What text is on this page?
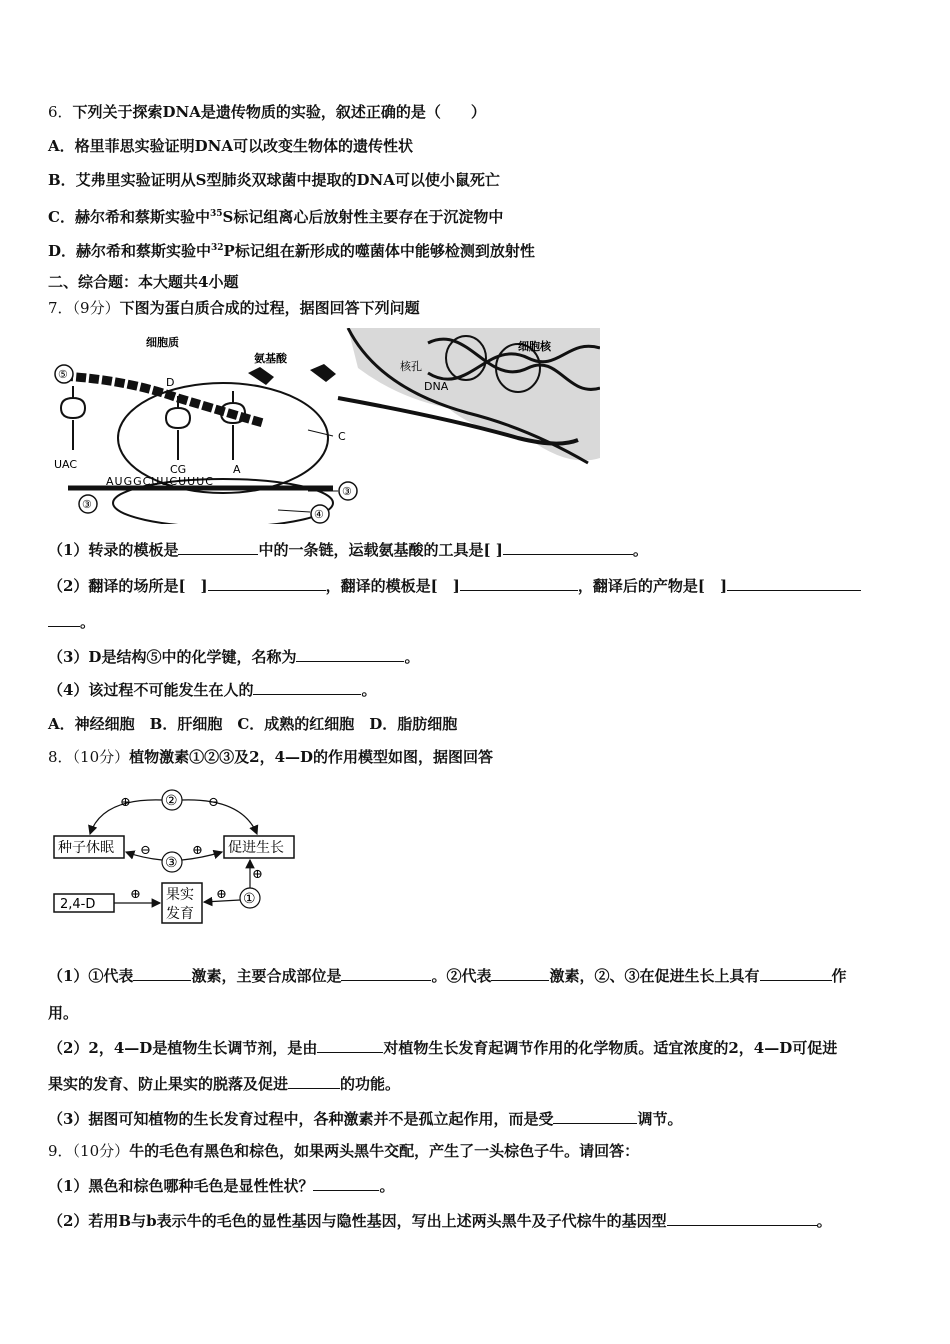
6．下列关于探索DNA是遗传物质的实验，叙述正确的是（　　）
A．格里菲思实验证明DNA可以改变生物体的遗传性状
B．艾弗里实验证明从S型肺炎双球菌中提取的DNA可以使小鼠死亡
C．赫尔希和蔡斯实验中$^{35}$S标记组离心后放射性主要存在于沉淀物中
D．赫尔希和蔡斯实验中$^{32}$P标记组在新形成的噬菌体中能够检测到放射性
二、综合题：本大题共4小题
7．（9分）下图为蛋白质合成的过程，据图回答下列问题
细胞核
核孔
DNA
细胞质
氨基酸
⑤
D
UAC	CG	A
C
AUGGCUUCUUUC
③
③
④
（1）转录的模板是	中的一条链，运载氨基酸的工具是[ ]	。
（2）翻译的场所是[　]	，翻译的模板是[　]	，翻译后的产物是[　]
。
（3）D是结构⑤中的化学键，名称为	。
（4）该过程不可能发生在人的	。
A．神经细胞　B．肝细胞　C．成熟的红细胞　D．脂肪细胞
8．（10分）植物激素①②③及2，4—D的作用模型如图，据图回答
种子休眠	促进生长
果实
发育
2,4-D
②
③
①
⊕	⊖
⊖	⊕
⊕	⊕
⊕
（1）①代表	激素，主要合成部位是	。②代表	激素，②、③在促进生长上具有	作
用。
（2）2，4—D是植物生长调节剂，是由	对植物生长发育起调节作用的化学物质。适宜浓度的2，4—D可促进
果实的发育、防止果实的脱落及促进	的功能。
（3）据图可知植物的生长发育过程中，各种激素并不是孤立起作用，而是受	调节。
9．（10分）牛的毛色有黑色和棕色，如果两头黑牛交配，产生了一头棕色子牛。请回答：
（1）黑色和棕色哪种毛色是显性性状？	。
（2）若用B与b表示牛的毛色的显性基因与隐性基因，写出上述两头黑牛及子代棕牛的基因型	。
